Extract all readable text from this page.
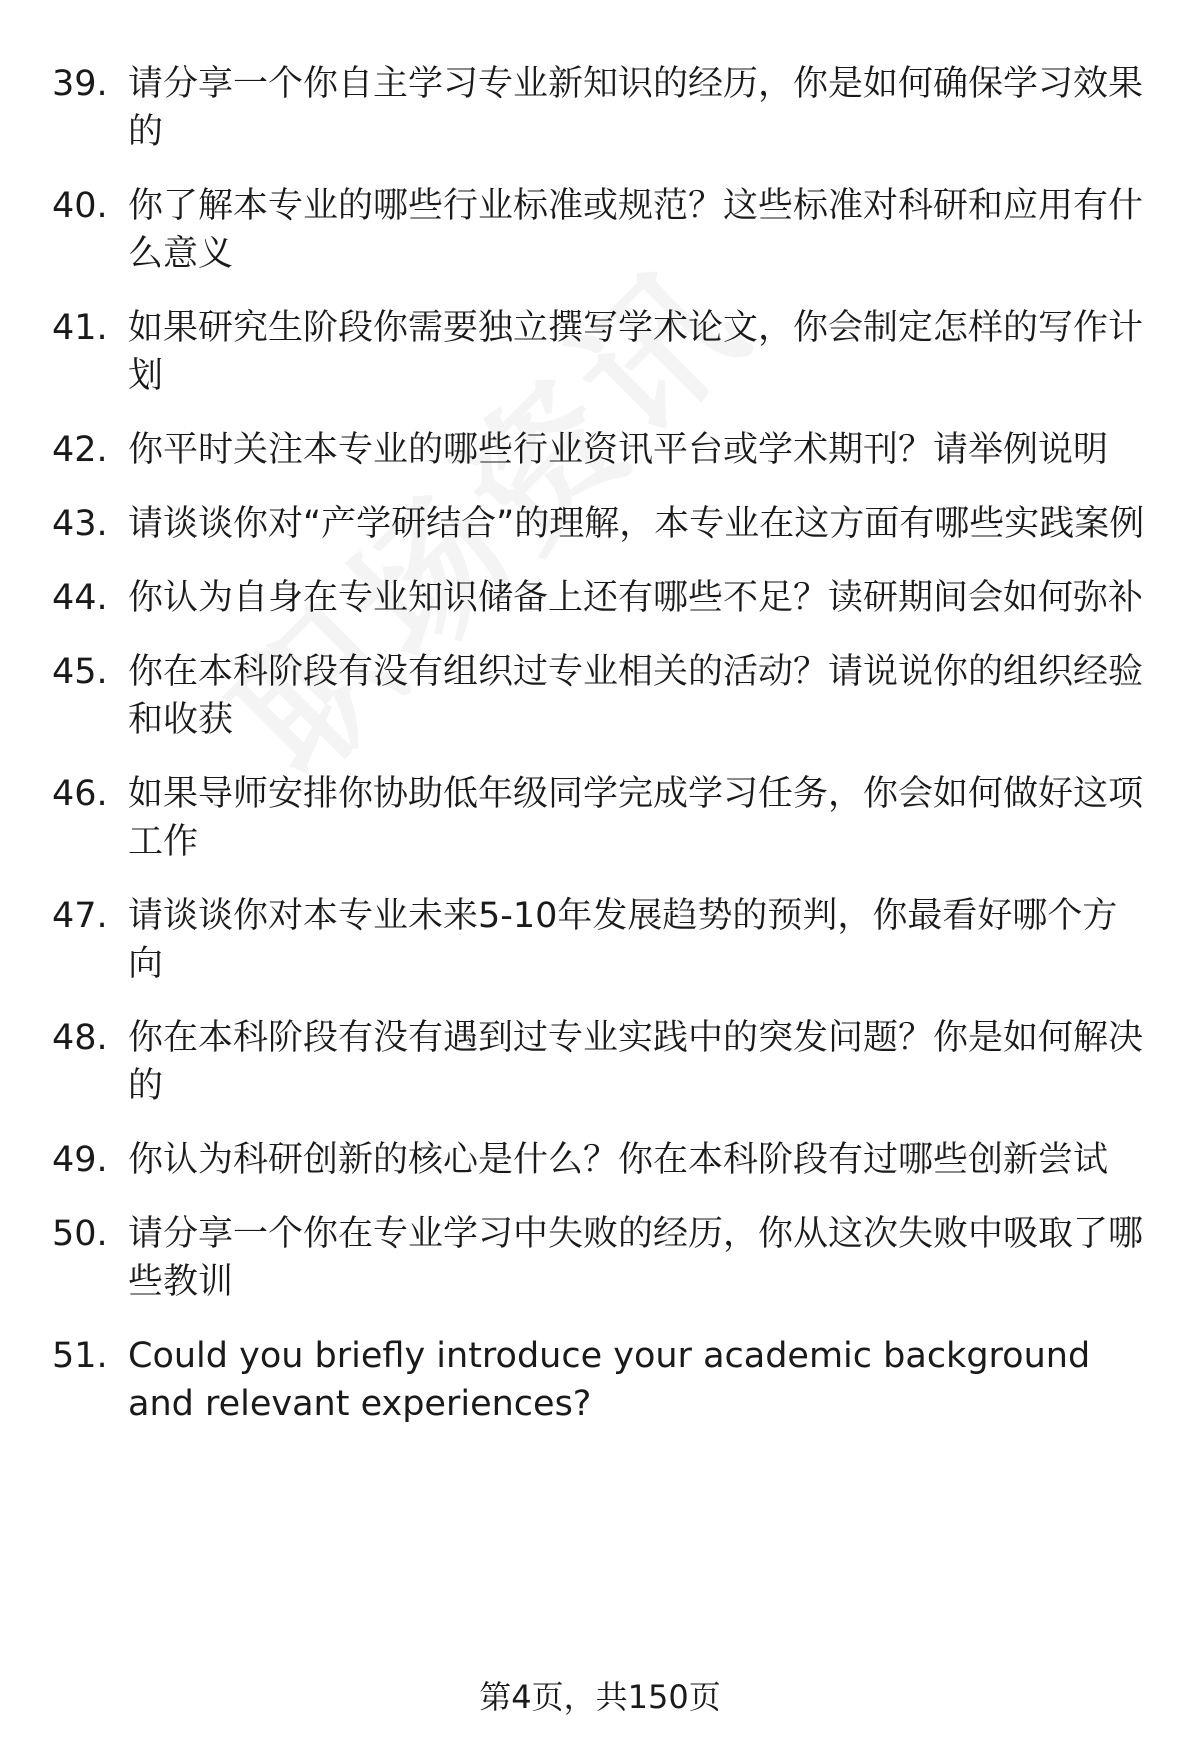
39. 请分享一个你自主学习专业新知识的经历，你是如何确保学习效果的
40. 你了解本专业的哪些行业标准或规范？这些标准对科研和应用有什么意义
41. 如果研究生阶段你需要独立撰写学术论文，你会制定怎样的写作计划
42. 你平时关注本专业的哪些行业资讯平台或学术期刊？请举例说明
43. 请谈谈你对“产学研结合”的理解，本专业在这方面有哪些实践案例
44. 你认为自身在专业知识储备上还有哪些不足？读研期间会如何弥补
45. 你在本科阶段有没有组织过专业相关的活动？请说说你的组织经验和收获
46. 如果导师安排你协助低年级同学完成学习任务，你会如何做好这项工作
47. 请谈谈你对本专业未来5-10年发展趋势的预判，你最看好哪个方向
48. 你在本科阶段有没有遇到过专业实践中的突发问题？你是如何解决的
49. 你认为科研创新的核心是什么？你在本科阶段有过哪些创新尝试
50. 请分享一个你在专业学习中失败的经历，你从这次失败中吸取了哪些教训
51. Could you briefly introduce your academic background and relevant experiences?
第4页，共150页
